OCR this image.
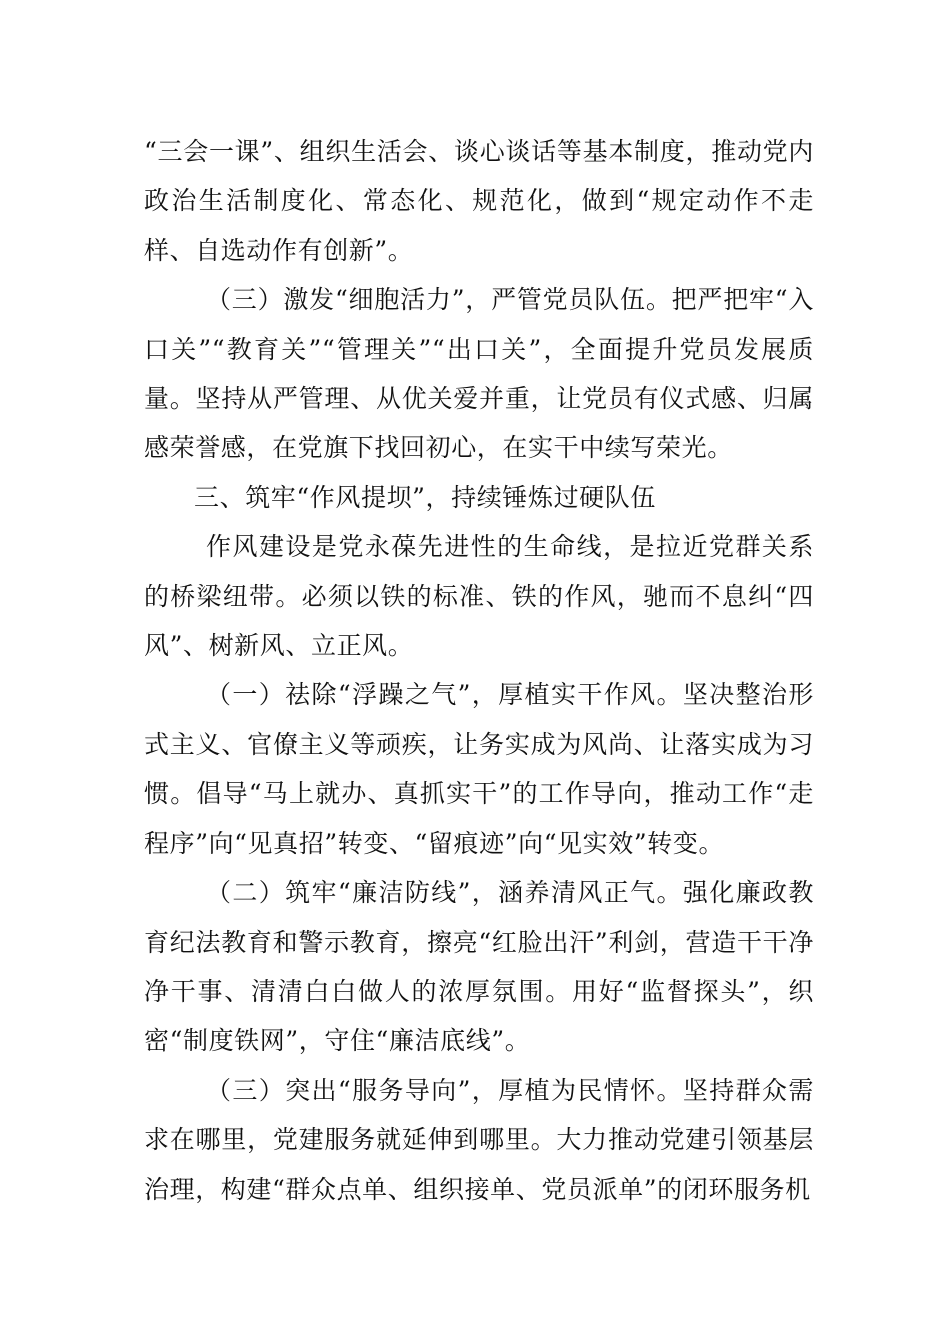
“三会一课”、组织生活会、谈心谈话等基本制度，推动党内政治生活制度化、常态化、规范化，做到“规定动作不走样、自选动作有创新”。

（三）激发“细胞活力”，严管党员队伍。把严把牢“入口关”“教育关”“管理关”“出口关”，全面提升党员发展质量。坚持从严管理、从优关爱并重，让党员有仪式感、归属感荣誉感，在党旗下找回初心，在实干中续写荣光。

三、筑牢“作风提坝”，持续锤炼过硬队伍

作风建设是党永葆先进性的生命线，是拉近党群关系的桥梁纽带。必须以铁的标准、铁的作风，驰而不息纠“四风”、树新风、立正风。

（一）祛除“浮躁之气”，厚植实干作风。坚决整治形式主义、官僚主义等顽疾，让务实成为风尚、让落实成为习惯。倡导“马上就办、真抓实干”的工作导向，推动工作“走程序”向“见真招”转变、“留痕迹”向“见实效”转变。

（二）筑牢“廉洁防线”，涵养清风正气。强化廉政教育纪法教育和警示教育，擦亮“红脸出汗”利剑，营造干干净净干事、清清白白做人的浓厚氛围。用好“监督探头”，织密“制度铁网”，守住“廉洁底线”。

（三）突出“服务导向”，厚植为民情怀。坚持群众需求在哪里，党建服务就延伸到哪里。大力推动党建引领基层治理，构建“群众点单、组织接单、党员派单”的闭环服务机
